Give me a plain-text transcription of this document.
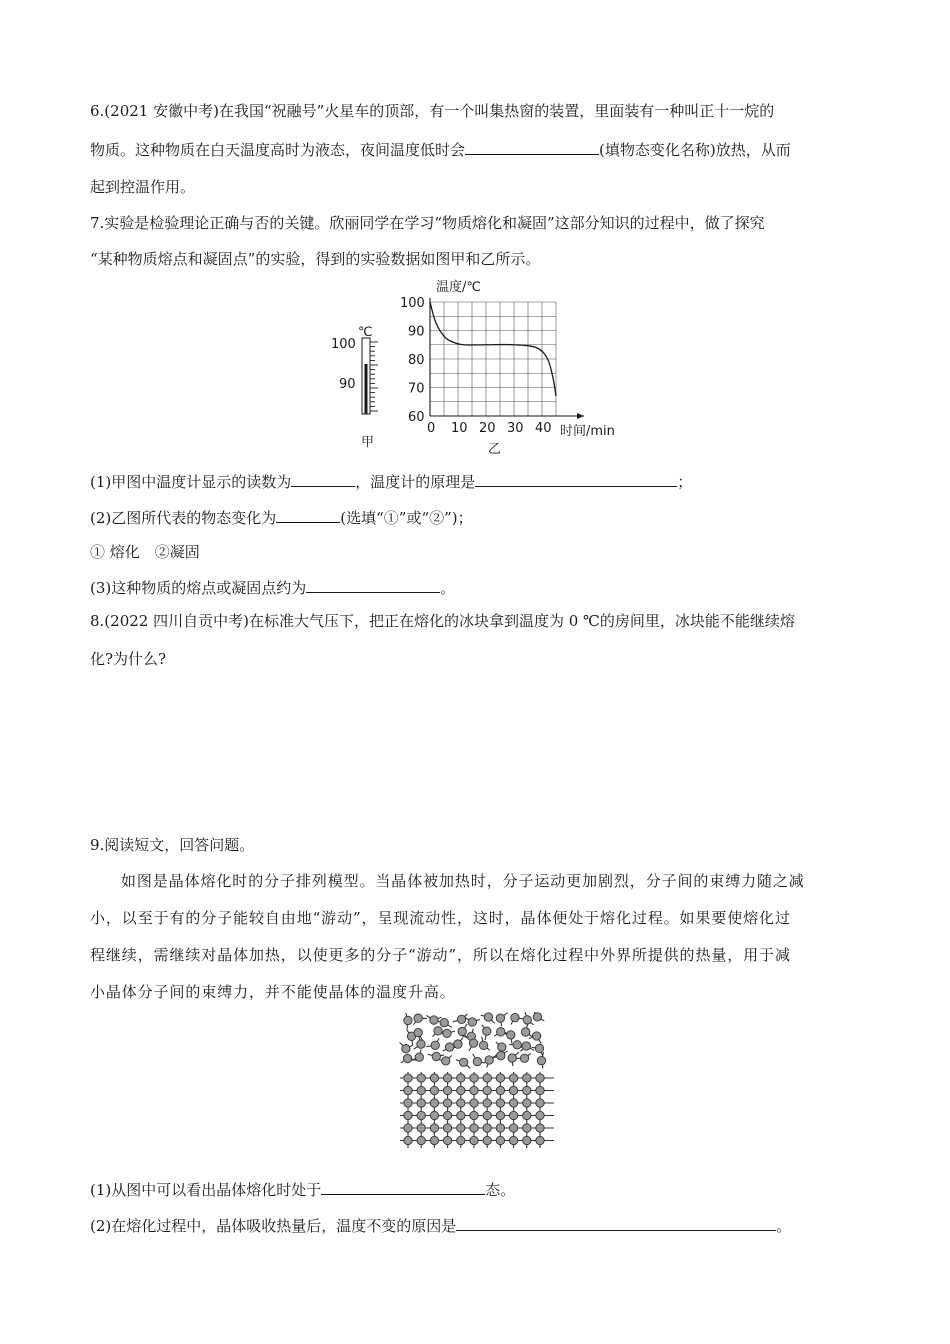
6.(2021 安徽中考)在我国“祝融号”火星车的顶部，有一个叫集热窗的装置，里面装有一种叫正十一烷的
物质。这种物质在白天温度高时为液态，夜间温度低时会	(填物态变化名称)放热，从而
起到控温作用。
7.实验是检验理论正确与否的关键。欣丽同学在学习“物质熔化和凝固”这部分知识的过程中，做了探究
“某种物质熔点和凝固点”的实验，得到的实验数据如图甲和乙所示。
℃
100
90
甲
0 10 20 30 40
60
70
80
90
100
温度/℃
时间/min
乙
(1)甲图中温度计显示的读数为	，温度计的原理是	；
(2)乙图所代表的物态变化为	(选填“①”或“②”)；
① 熔化　②凝固
(3)这种物质的熔点或凝固点约为	。
8.(2022 四川自贡中考)在标准大气压下，把正在熔化的冰块拿到温度为 0 ℃的房间里，冰块能不能继续熔
化?为什么?
9.阅读短文，回答问题。
如图是晶体熔化时的分子排列模型。当晶体被加热时，分子运动更加剧烈，分子间的束缚力随之减
小，以至于有的分子能较自由地“游动”，呈现流动性，这时，晶体便处于熔化过程。如果要使熔化过
程继续，需继续对晶体加热，以使更多的分子“游动”，所以在熔化过程中外界所提供的热量，用于减
小晶体分子间的束缚力，并不能使晶体的温度升高。
(1)从图中可以看出晶体熔化时处于	态。
(2)在熔化过程中，晶体吸收热量后，温度不变的原因是	。
